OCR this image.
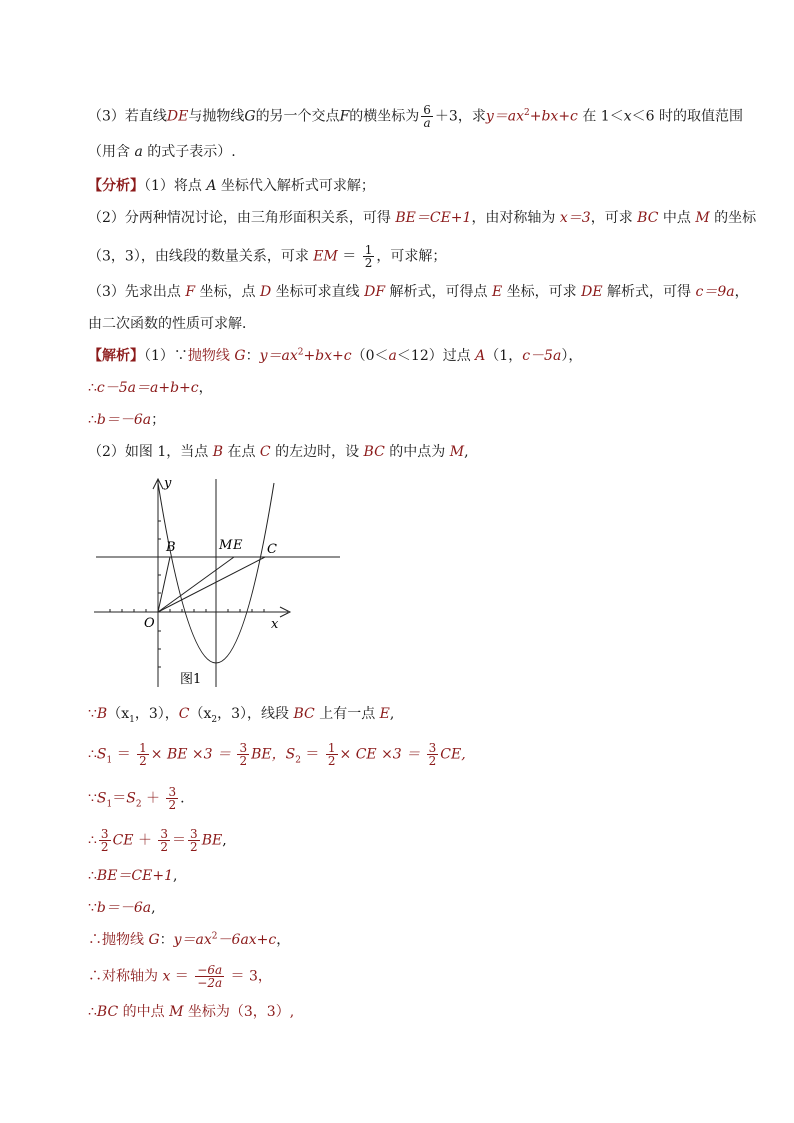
（3）若直线DE与抛物线G的另一个交点F的横坐标为 $\frac{6}{a} +3$，求$y=ax^2+bx+c$ 在 1＜x＜6 时的取值范围
（用含 a 的式子表示）.
【分析】（1）将点 A 坐标代入解析式可求解；
（2）分两种情况讨论，由三角形面积关系，可得 BE＝CE+1，由对称轴为 x＝3，可求 BC 中点 M 的坐标
（3，3），由线段的数量关系，可求 EM ＝ $\frac{1}{2}$ ，可求解；
（3）先求出点 F 坐标，点 D 坐标可求直线 DF 解析式，可得点 E 坐标，可求 DE 解析式，可得 c＝9a，
由二次函数的性质可求解．
【解析】（1）∵抛物线 G：$y=ax^2+bx+c(0<a<12)$过点 A（1，c－5a），
∴c－5a＝a+b+c，
∴b＝－6a；
（2）如图 1，当点 B 在点 C 的左边时，设 BC 的中点为 M,
y
x
O
B	M E C
图1
$\because B(x_1$，3），$C(x_2$，3），线段 BC 上有一点 E,
$\therefore S_1 = \frac{1}{2}$ × BE $\times 3 = \frac{3}{2}$ BE，$S_2 = \frac{1}{2}$ × CE $\times 3 = \frac{3}{2}$ CE,
$\because S_1=S_2 + \frac{3}{2}$ .
∴ $\frac{3}{2}$ CE ＋ $\frac{3}{2} = \frac{3}{2}$ BE,
∴BE＝CE+1,
∵b＝－6a,
∴抛物线 G：$y=ax^2-6ax+c$，
∴对称轴为 $x = \frac{-6a}{-2a} = 3$，
∴BC 的中点 M 坐标为（3，3）,
